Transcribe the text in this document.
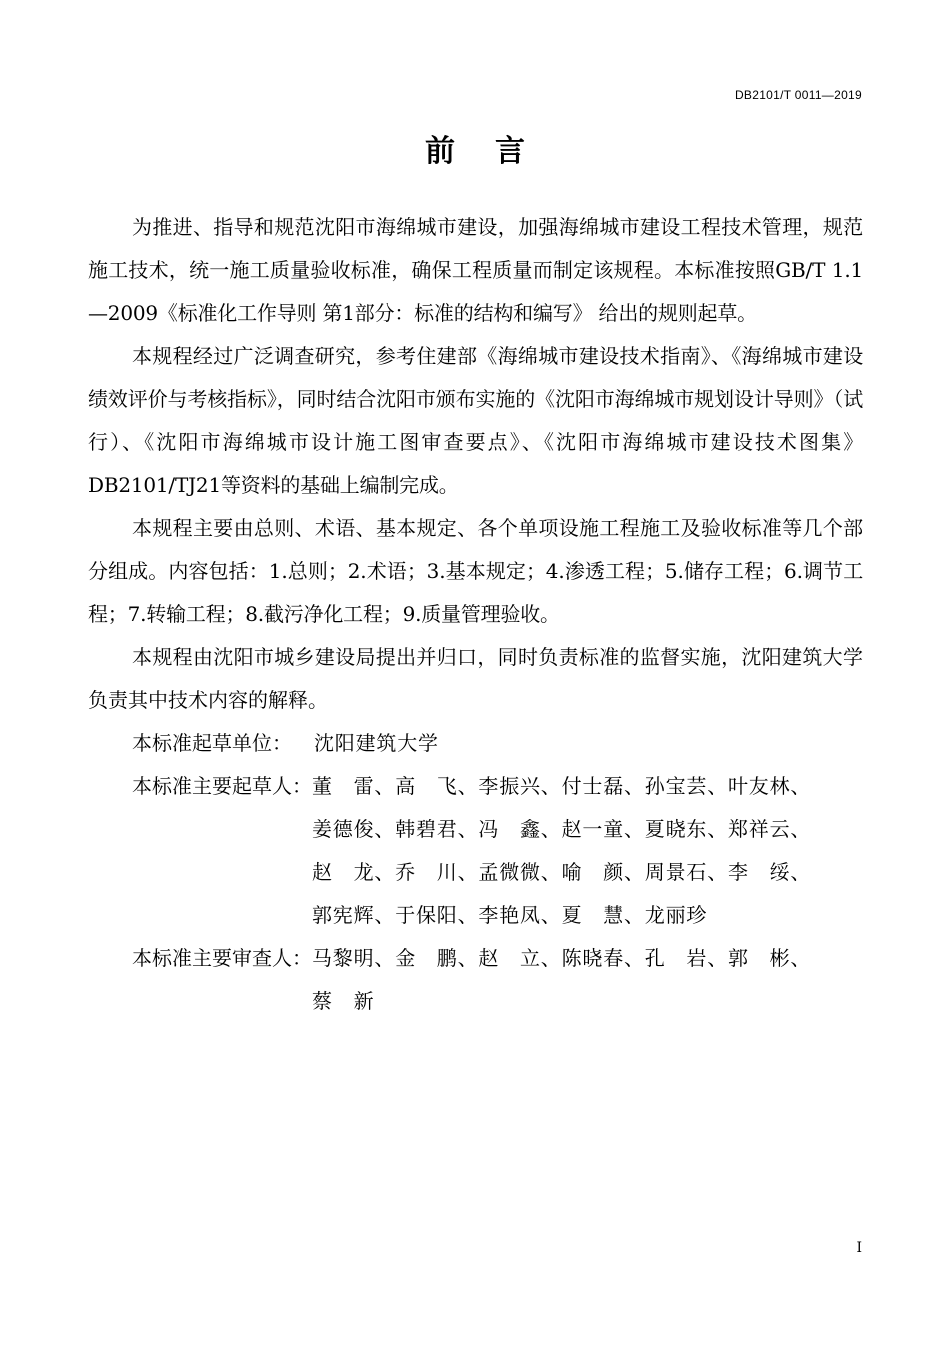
DB2101/T 0011—2019
前言

为推进、指导和规范沈阳市海绵城市建设，加强海绵城市建设工程技术管理，规范施工技术，统一施工质量验收标准，确保工程质量而制定该规程。本标准按照GB/T 1.1—2009《标准化工作导则 第1部分：标准的结构和编写》 给出的规则起草。

本规程经过广泛调查研究，参考住建部《海绵城市建设技术指南》、《海绵城市建设绩效评价与考核指标》，同时结合沈阳市颁布实施的《沈阳市海绵城市规划设计导则》（试行）、《沈阳市海绵城市设计施工图审查要点》、《沈阳市海绵城市建设技术图集》DB2101/TJ21等资料的基础上编制完成。

本规程主要由总则、术语、基本规定、各个单项设施工程施工及验收标准等几个部分组成。内容包括：1.总则；2.术语；3.基本规定；4.渗透工程；5.储存工程；6.调节工程；7.转输工程；8.截污净化工程；9.质量管理验收。

本规程由沈阳市城乡建设局提出并归口，同时负责标准的监督实施，沈阳建筑大学负责其中技术内容的解释。

本标准起草单位： 沈阳建筑大学
本标准主要起草人： 董　雷、高　飞、李振兴、付士磊、孙宝芸、叶友林、
姜德俊、韩碧君、冯　鑫、赵一童、夏晓东、郑祥云、
赵　龙、乔　川、孟微微、喻　颜、周景石、李　绥、
郭宪辉、于保阳、李艳凤、夏　慧、龙丽珍
本标准主要审查人： 马黎明、金　鹏、赵　立、陈晓春、孔　岩、郭　彬、
蔡　新
I
